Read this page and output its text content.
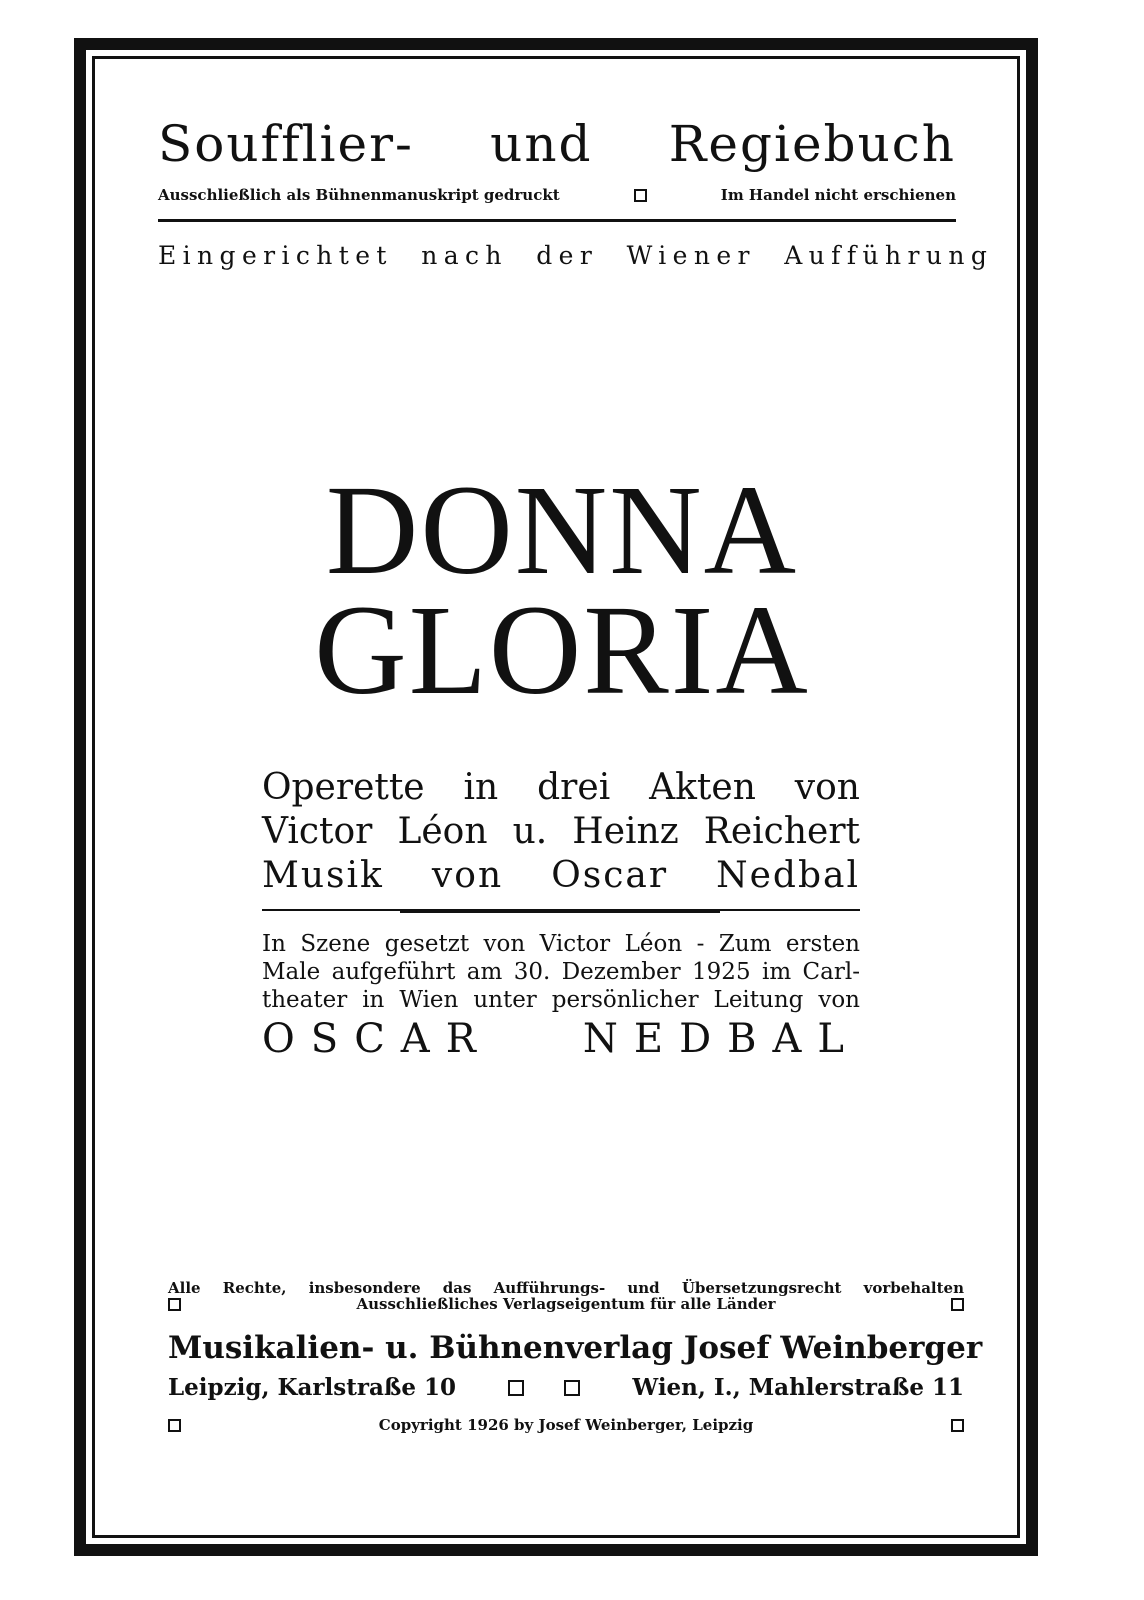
Soufflier- und Regiebuch
Ausschließlich als Bühnenmanuskript gedruckt	Im Handel nicht erschienen
Eingerichtet nach der Wiener Aufführung
DONNA
GLORIA
Operette in drei Akten von
Victor Léon u. Heinz Reichert
Musik von Oscar Nedbal
In Szene gesetzt von Victor Léon - Zum ersten
Male aufgeführt am 30. Dezember 1925 im Carl-
theater in Wien unter persönlicher Leitung von
OSCAR NEDBAL
Alle Rechte, insbesondere das Aufführungs- und Übersetzungsrecht vorbehalten
Ausschließliches Verlagseigentum für alle Länder
Musikalien- u. Bühnenverlag Josef Weinberger
Leipzig, Karlstraße 10	Wien, I., Mahlerstraße 11
Copyright 1926 by Josef Weinberger, Leipzig
